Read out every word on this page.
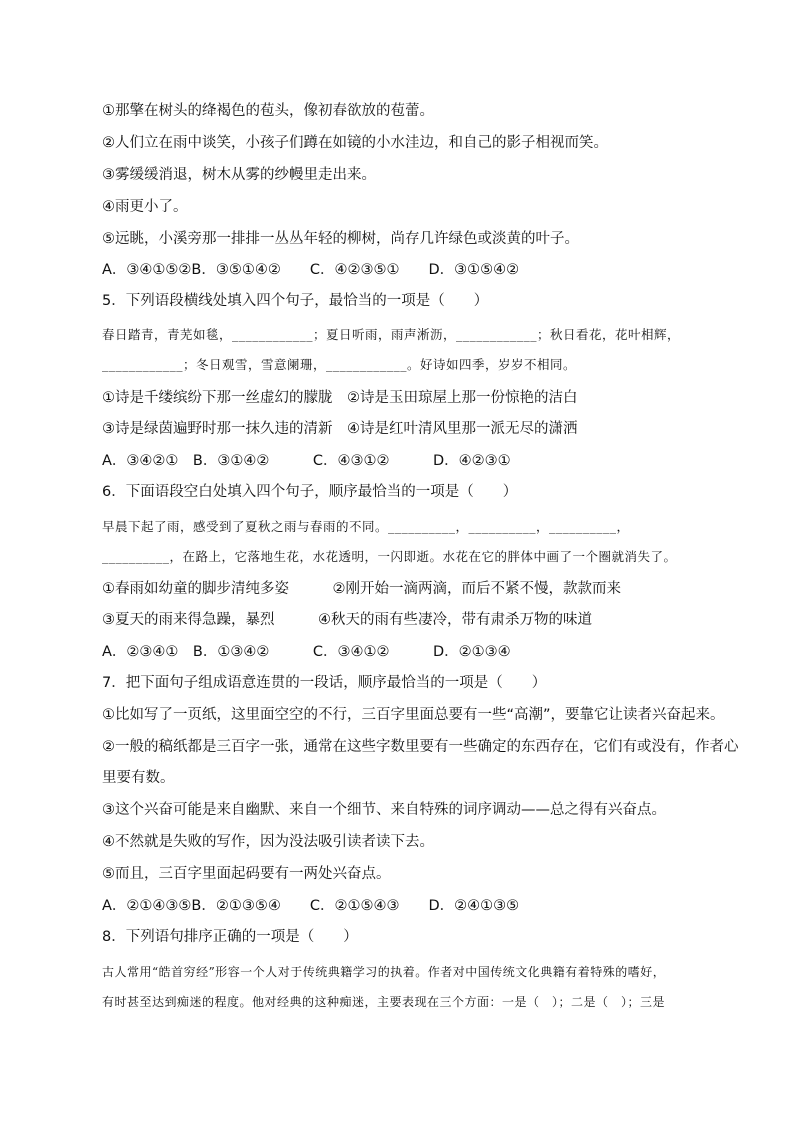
①那擎在树头的绛褐色的苞头，像初春欲放的苞蕾。
②人们立在雨中谈笑，小孩子们蹲在如镜的小水洼边，和自己的影子相视而笑。
③雾缓缓消退，树木从雾的纱幔里走出来。
④雨更小了。
⑤远眺，小溪旁那一排排一丛丛年轻的柳树，尚存几许绿色或淡黄的叶子。
A．③④①⑤②B．③⑤①④②　　C．④②③⑤①　　D．③①⑤④②
5．下列语段横线处填入四个句子，最恰当的一项是（　　）
春日踏青，青芜如毯，____________；夏日听雨，雨声淅沥，____________；秋日看花，花叶相辉，
____________；冬日观雪，雪意阑珊，____________。好诗如四季，岁岁不相同。
①诗是千缕缤纷下那一丝虚幻的朦胧　②诗是玉田琼屋上那一份惊艳的洁白
③诗是绿茵遍野时那一抹久违的清新　④诗是红叶清风里那一派无尽的潇洒
A．③④②①　B．③①④②　　　C．④③①②　　　D．④②③①
6．下面语段空白处填入四个句子，顺序最恰当的一项是（　　）
早晨下起了雨，感受到了夏秋之雨与春雨的不同。__________，__________，__________，
__________，在路上，它落地生花，水花透明，一闪即逝。水花在它的胖体中画了一个圈就消失了。
①春雨如幼童的脚步清纯多姿　　　②刚开始一滴两滴，而后不紧不慢，款款而来
③夏天的雨来得急躁，暴烈　　　④秋天的雨有些凄冷，带有肃杀万物的味道
A．②③④①　B．①③④②　　　C．③④①②　　　D．②①③④
7．把下面句子组成语意连贯的一段话，顺序最恰当的一项是（　　）
①比如写了一页纸，这里面空空的不行，三百字里面总要有一些“高潮”，要靠它让读者兴奋起来。
②一般的稿纸都是三百字一张，通常在这些字数里要有一些确定的东西存在，它们有或没有，作者心
里要有数。
③这个兴奋可能是来自幽默、来自一个细节、来自特殊的词序调动——总之得有兴奋点。
④不然就是失败的写作，因为没法吸引读者读下去。
⑤而且，三百字里面起码要有一两处兴奋点。
A．②①④③⑤B．②①③⑤④　　C．②①⑤④③　　D．②④①③⑤
8．下列语句排序正确的一项是（　　）
古人常用“皓首穷经”形容一个人对于传统典籍学习的执着。作者对中国传统文化典籍有着特殊的嗜好，
有时甚至达到痴迷的程度。他对经典的这种痴迷，主要表现在三个方面：一是（　）；二是（　）；三是
